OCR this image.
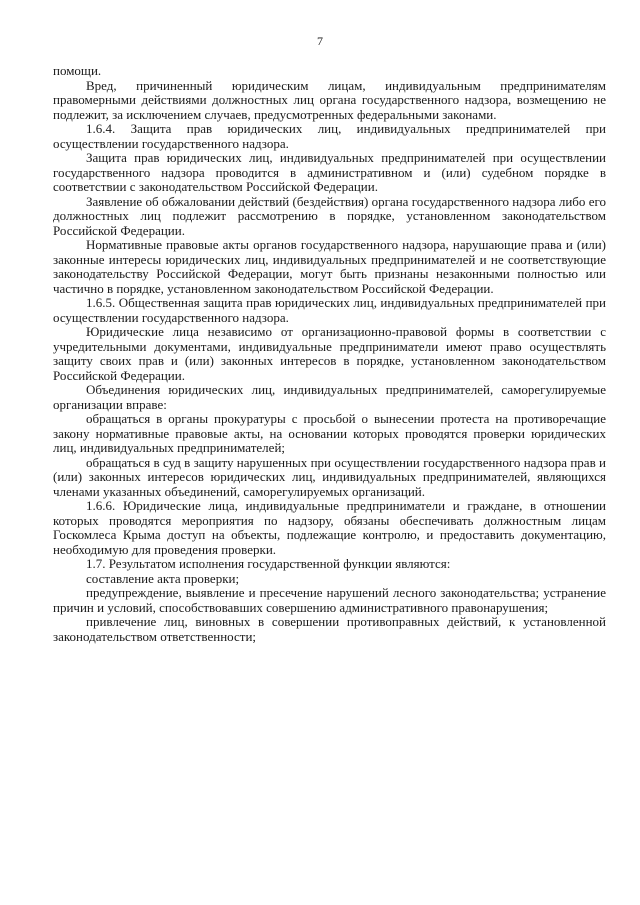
7

помощи.

Вред, причиненный юридическим лицам, индивидуальным предпринимателям правомерными действиями должностных лиц органа государственного надзора, возмещению не подлежит, за исключением случаев, предусмотренных федеральными законами.

1.6.4. Защита прав юридических лиц, индивидуальных предпринимателей при осуществлении государственного надзора.

Защита прав юридических лиц, индивидуальных предпринимателей при осуществлении государственного надзора проводится в административном и (или) судебном порядке в соответствии с законодательством Российской Федерации.

Заявление об обжаловании действий (бездействия) органа государственного надзора либо его должностных лиц подлежит рассмотрению в порядке, установленном законодательством Российской Федерации.

Нормативные правовые акты органов государственного надзора, нарушающие права и (или) законные интересы юридических лиц, индивидуальных предпринимателей и не соответствующие законодательству Российской Федерации, могут быть признаны незаконными полностью или частично в порядке, установленном законодательством Российской Федерации.

1.6.5. Общественная защита прав юридических лиц, индивидуальных предпринимателей при осуществлении государственного надзора.

Юридические лица независимо от организационно-правовой формы в соответствии с учредительными документами, индивидуальные предприниматели имеют право осуществлять защиту своих прав и (или) законных интересов в порядке, установленном законодательством Российской Федерации.

Объединения юридических лиц, индивидуальных предпринимателей, саморегулируемые организации вправе:

обращаться в органы прокуратуры с просьбой о вынесении протеста на противоречащие закону нормативные правовые акты, на основании которых проводятся проверки юридических лиц, индивидуальных предпринимателей;

обращаться в суд в защиту нарушенных при осуществлении государственного надзора прав и (или) законных интересов юридических лиц, индивидуальных предпринимателей, являющихся членами указанных объединений, саморегулируемых организаций.

1.6.6. Юридические лица, индивидуальные предприниматели и граждане, в отношении которых проводятся мероприятия по надзору, обязаны обеспечивать должностным лицам Госкомлеса Крыма доступ на объекты, подлежащие контролю, и предоставить документацию, необходимую для проведения проверки.

1.7. Результатом исполнения государственной функции являются:

составление акта проверки;

предупреждение, выявление и пресечение нарушений лесного законодательства; устранение причин и условий, способствовавших совершению административного правонарушения;

привлечение лиц, виновных в совершении противоправных действий, к установленной законодательством ответственности;
